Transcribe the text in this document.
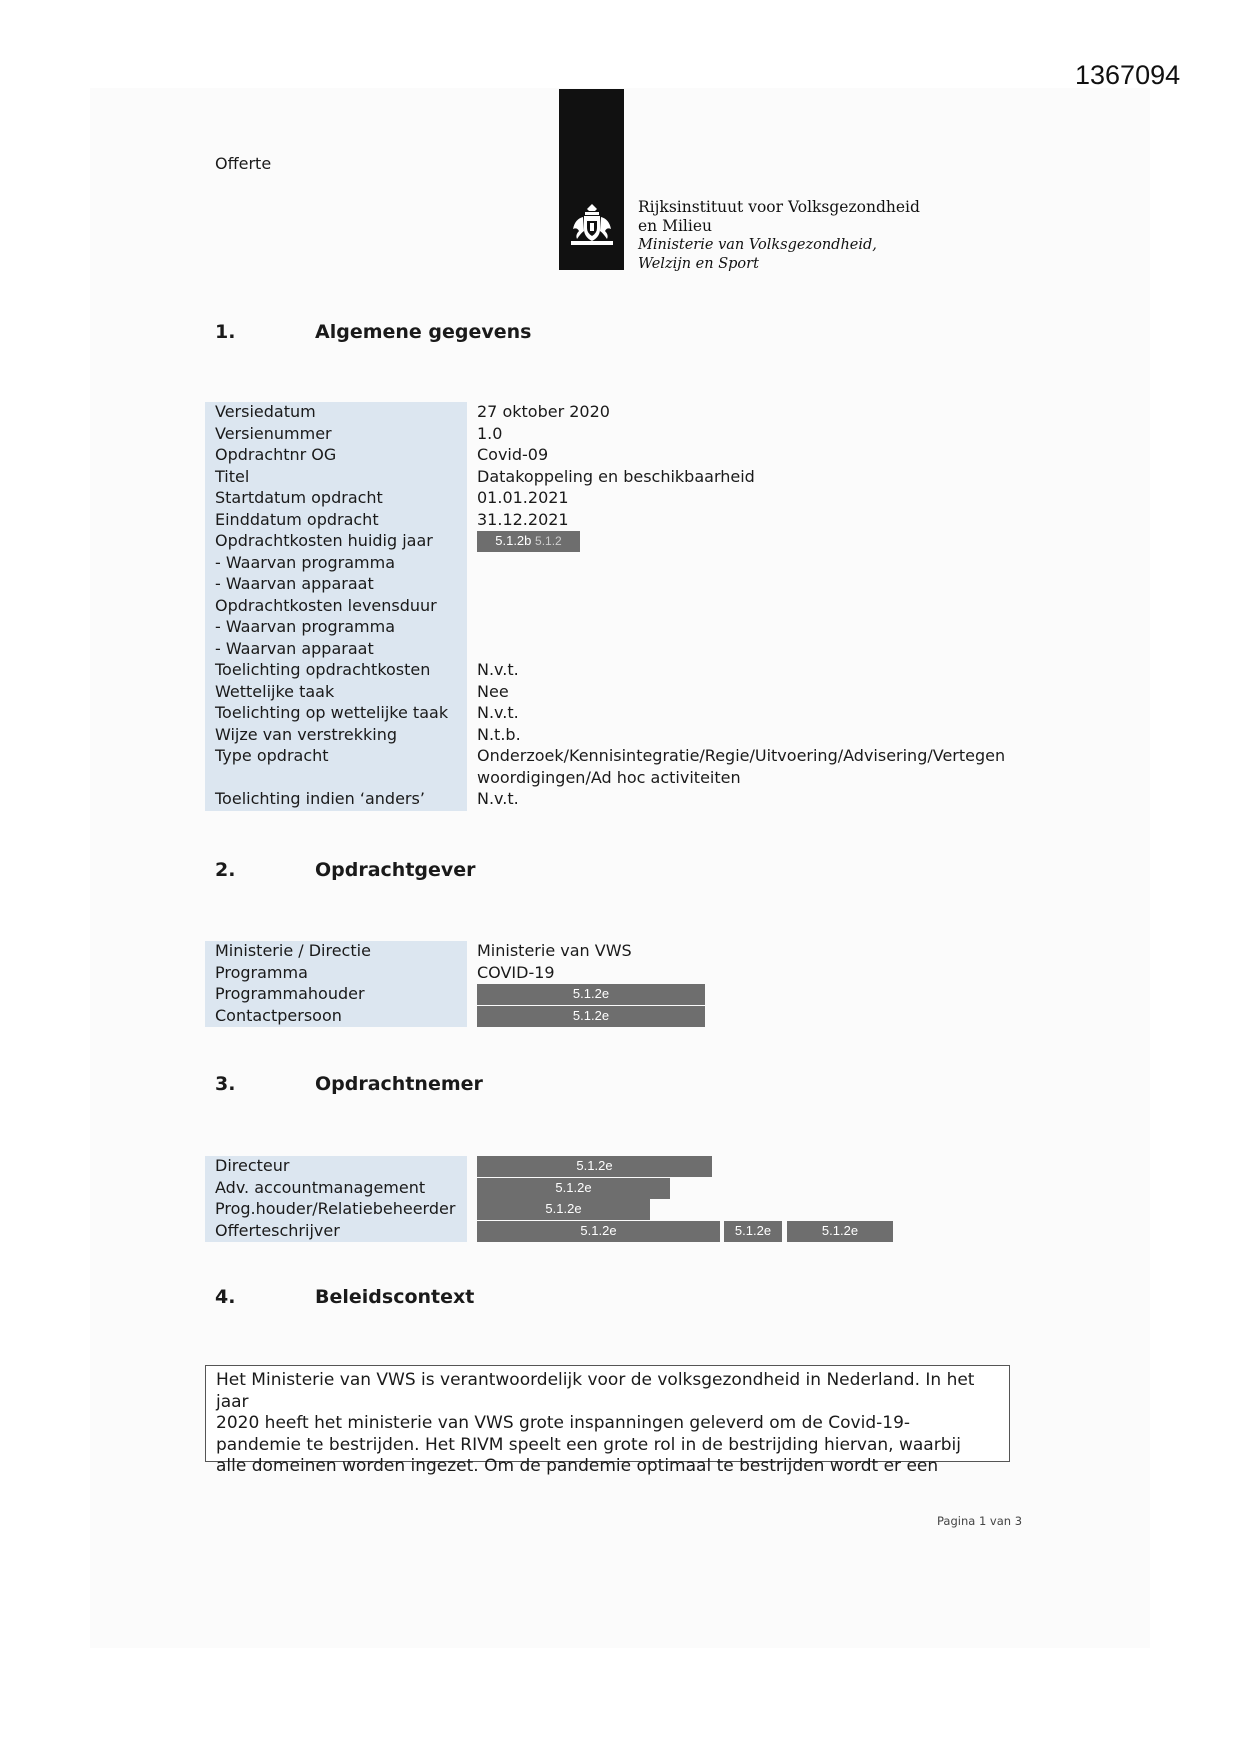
1367094
Offerte
Rijksinstituut voor Volksgezondheid
en Milieu
Ministerie van Volksgezondheid,
Welzijn en Sport
1.	Algemene gegevens
Versiedatum	27 oktober 2020
Versienummer	1.0
Opdrachtnr OG	Covid-09
Titel	Datakoppeling en beschikbaarheid
Startdatum opdracht	01.01.2021
Einddatum opdracht	31.12.2021
Opdrachtkosten huidig jaar	5.1.2b 5.1.2
- Waarvan programma	
- Waarvan apparaat	
Opdrachtkosten levensduur	
- Waarvan programma	
- Waarvan apparaat	
Toelichting opdrachtkosten	N.v.t.
Wettelijke taak	Nee
Toelichting op wettelijke taak	N.v.t.
Wijze van verstrekking	N.t.b.
Type opdracht	Onderzoek/Kennisintegratie/Regie/Uitvoering/Advisering/Vertegen
	woordigingen/Ad hoc activiteiten
Toelichting indien ‘anders’	N.v.t.
2.	Opdrachtgever
Ministerie / Directie	Ministerie van VWS
Programma	COVID-19
Programmahouder	5.1.2e
Contactpersoon	5.1.2e
3.	Opdrachtnemer
Directeur	5.1.2e
Adv. accountmanagement	5.1.2e
Prog.houder/Relatiebeheerder	5.1.2e
Offerteschrijver	5.1.2e 5.1.2e 5.1.2e
4.	Beleidscontext
Het Ministerie van VWS is verantwoordelijk voor de volksgezondheid in Nederland. In het jaar
2020 heeft het ministerie van VWS grote inspanningen geleverd om de Covid-19-
pandemie te bestrijden. Het RIVM speelt een grote rol in de bestrijding hiervan, waarbij
alle domeinen worden ingezet. Om de pandemie optimaal te bestrijden wordt er een
Pagina 1 van 3
